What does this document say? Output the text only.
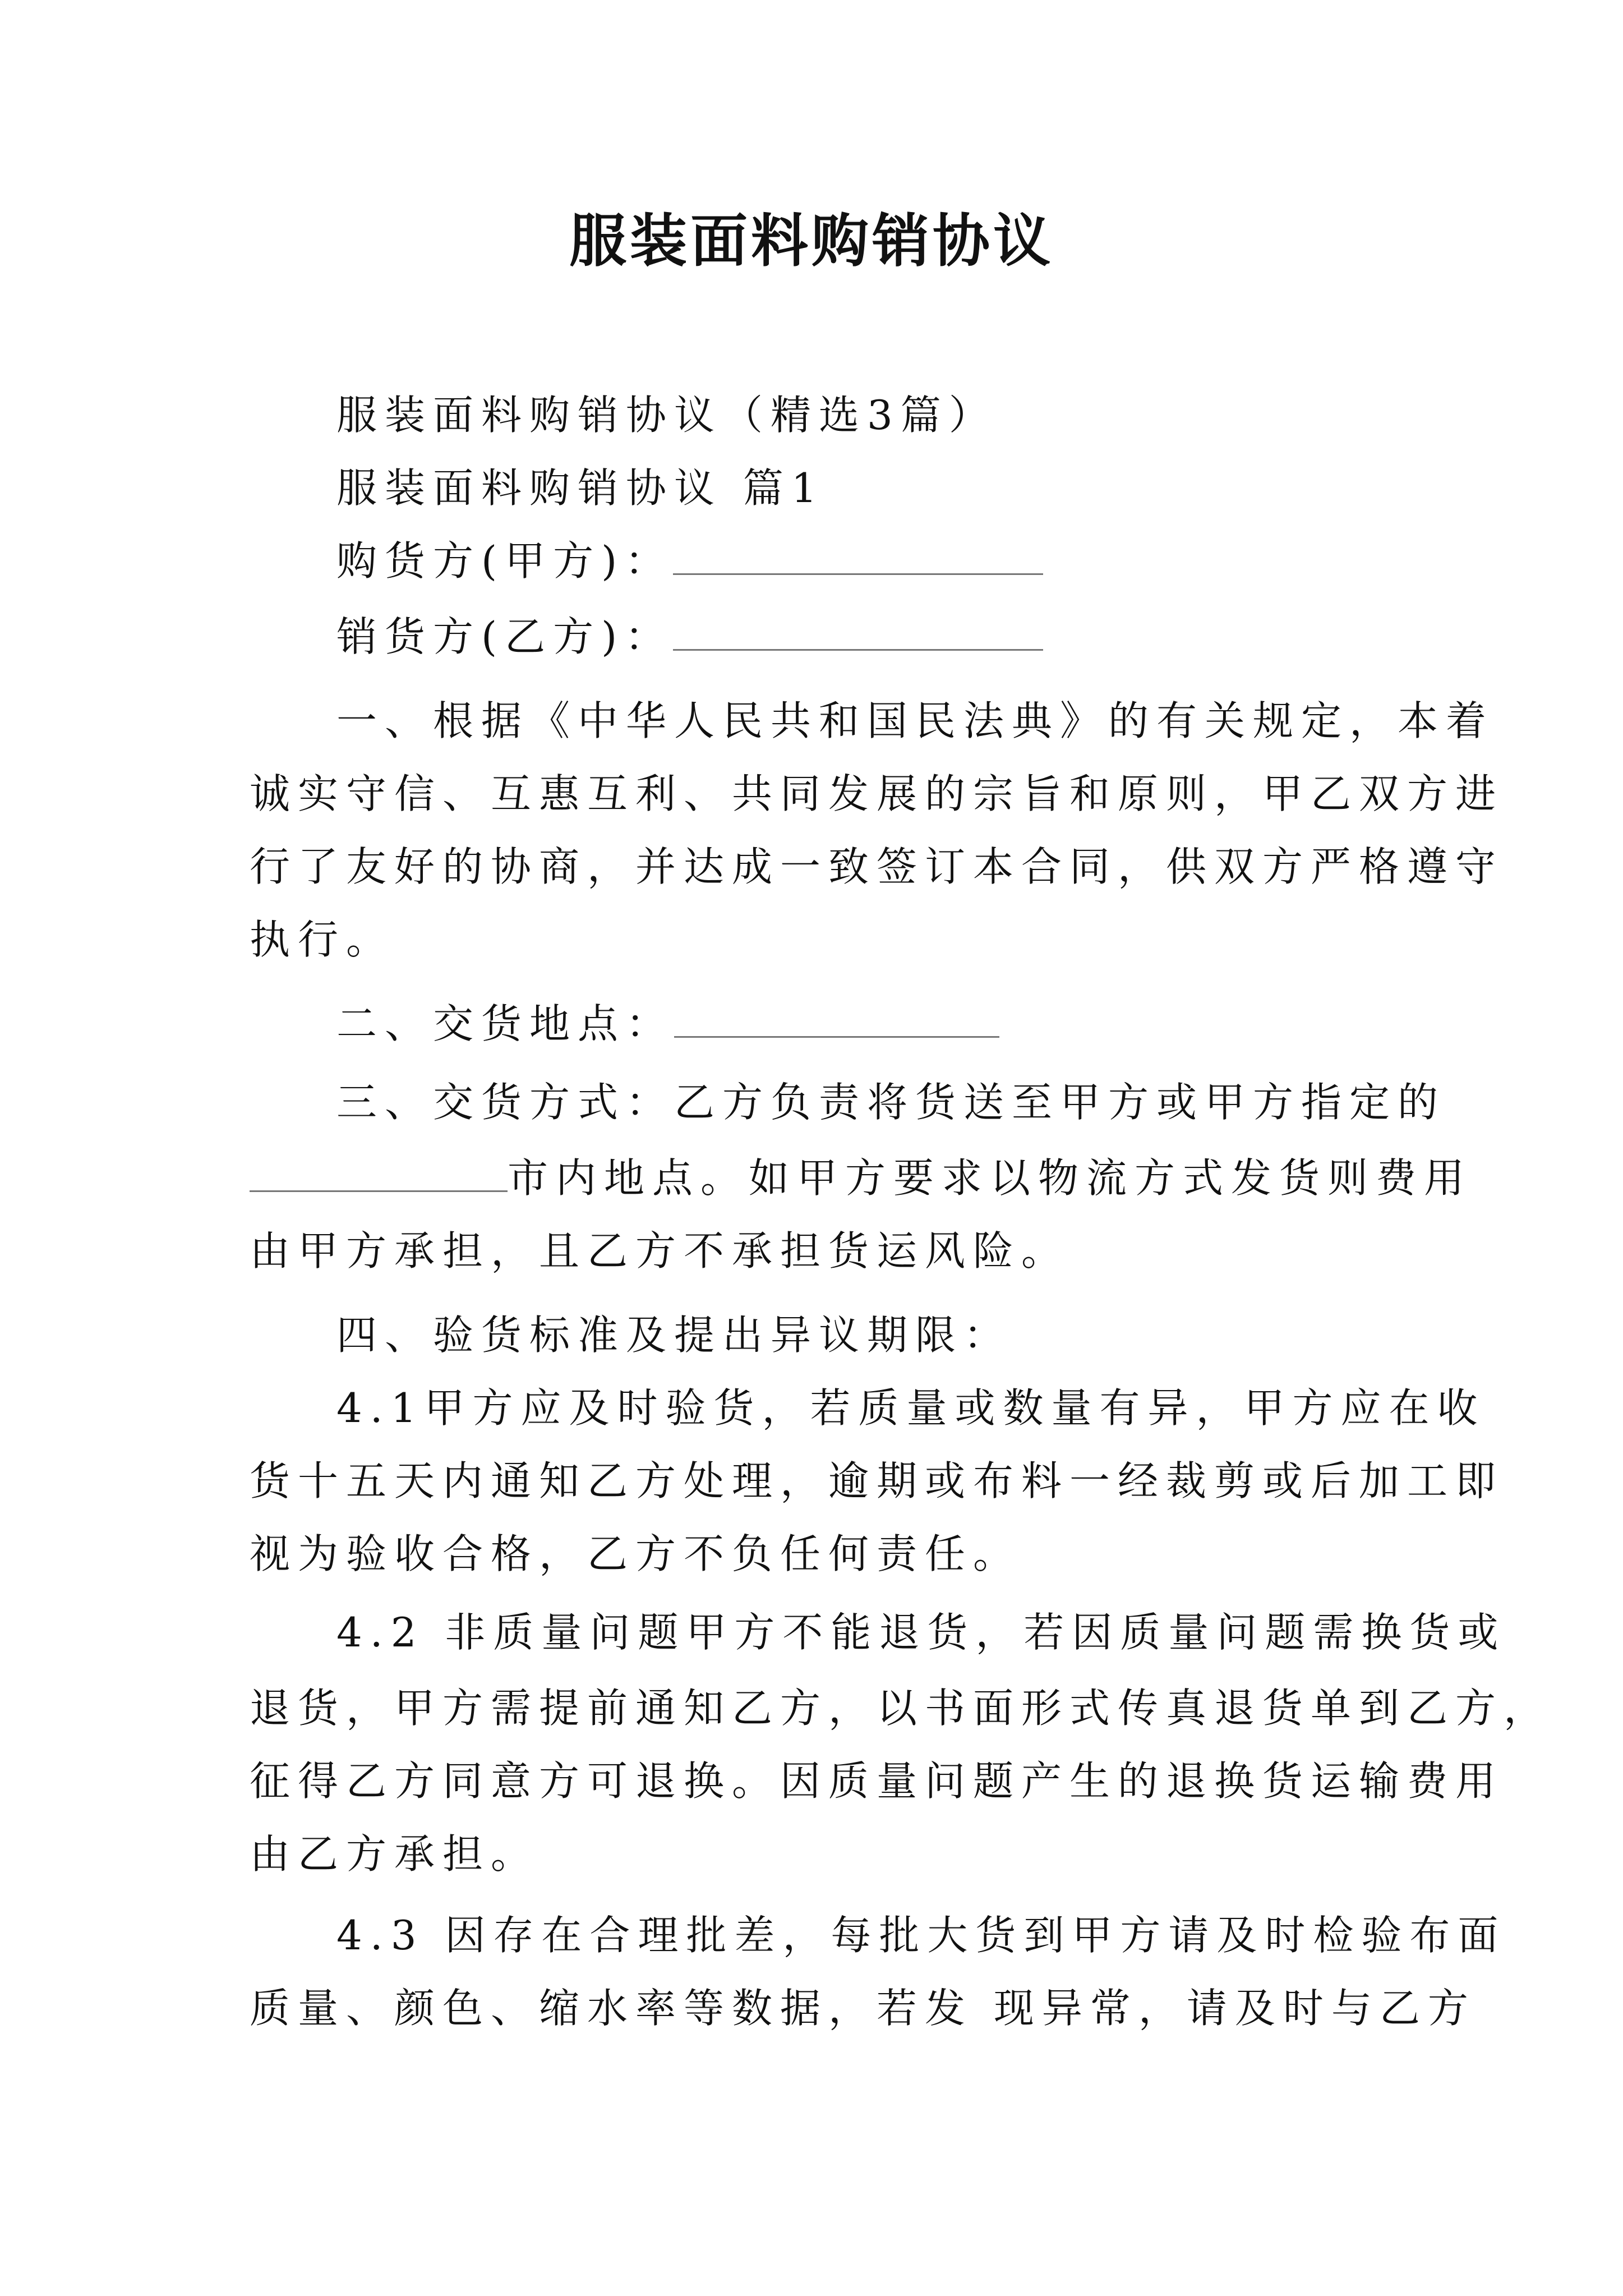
服装面料购销协议
服装面料购销协议（精选3篇）
服装面料购销协议 篇1
购货方(甲方)：
销货方(乙方)：
一、根据《中华人民共和国民法典》的有关规定，本着
诚实守信、互惠互利、共同发展的宗旨和原则，甲乙双方进
行了友好的协商，并达成一致签订本合同，供双方严格遵守
执行。
二、交货地点：
三、交货方式：乙方负责将货送至甲方或甲方指定的
市内地点。如甲方要求以物流方式发货则费用
由甲方承担，且乙方不承担货运风险。
四、验货标准及提出异议期限：
4.1甲方应及时验货，若质量或数量有异，甲方应在收
货十五天内通知乙方处理，逾期或布料一经裁剪或后加工即
视为验收合格，乙方不负任何责任。
4.2 非质量问题甲方不能退货，若因质量问题需换货或
退货，甲方需提前通知乙方，以书面形式传真退货单到乙方，
征得乙方同意方可退换。因质量问题产生的退换货运输费用
由乙方承担。
4.3 因存在合理批差，每批大货到甲方请及时检验布面
质量、颜色、缩水率等数据，若发 现异常，请及时与乙方
